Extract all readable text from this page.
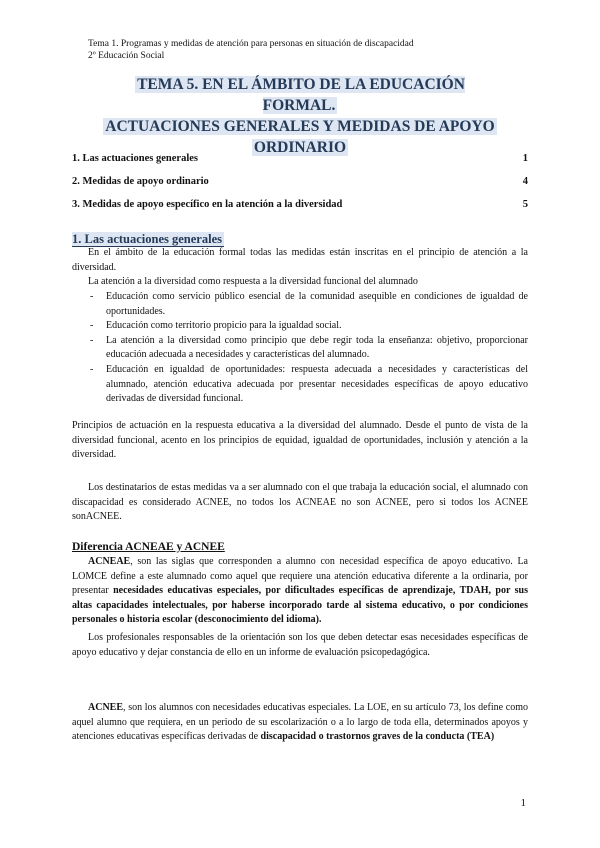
Tema 1. Programas y medidas de atención para personas en situación de discapacidad
2º Educación Social
TEMA 5. EN EL ÁMBITO DE LA EDUCACIÓN FORMAL.
ACTUACIONES GENERALES Y MEDIDAS DE APOYO
ORDINARIO
1. Las actuaciones generales	1
2. Medidas de apoyo ordinario	4
3. Medidas de apoyo específico en la atención a la diversidad	5
1. Las actuaciones generales
En el ámbito de la educación formal todas las medidas están inscritas en el principio de atención a la diversidad.
La atención a la diversidad como respuesta a la diversidad funcional del alumnado
- Educación como servicio público esencial de la comunidad asequible en condiciones de igualdad de oportunidades.
- Educación como territorio propicio para la igualdad social.
- La atención a la diversidad como principio que debe regir toda la enseñanza: objetivo, proporcionar educación adecuada a necesidades y características del alumnado.
- Educación en igualdad de oportunidades: respuesta adecuada a necesidades y características del alumnado, atención educativa adecuada por presentar necesidades específicas de apoyo educativo derivadas de diversidad funcional.
Principios de actuación en la respuesta educativa a la diversidad del alumnado. Desde el punto de vista de la diversidad funcional, acento en los principios de equidad, igualdad de oportunidades, inclusión y atención a la diversidad.
Los destinatarios de estas medidas va a ser alumnado con el que trabaja la educación social, el alumnado con discapacidad es considerado ACNEE, no todos los ACNEAE no son ACNEE, pero si todos los ACNEE sonACNEE.
Diferencia ACNEAE y ACNEE
ACNEAE, son las siglas que corresponden a alumno con necesidad específica de apoyo educativo. La LOMCE define a este alumnado como aquel que requiere una atención educativa diferente a la ordinaria, por presentar necesidades educativas especiales, por dificultades específicas de aprendizaje, TDAH, por sus altas capacidades intelectuales, por haberse incorporado tarde al sistema educativo, o por condiciones personales o historia escolar (desconocimiento del idioma).
Los profesionales responsables de la orientación son los que deben detectar esas necesidades específicas de apoyo educativo y dejar constancia de ello en un informe de evaluación psicopedagógica.
ACNEE, son los alumnos con necesidades educativas especiales. La LOE, en su artículo 73, los define como aquel alumno que requiera, en un periodo de su escolarización o a lo largo de toda ella, determinados apoyos y atenciones educativas específicas derivadas de discapacidad o trastornos graves de la conducta (TEA)
1
